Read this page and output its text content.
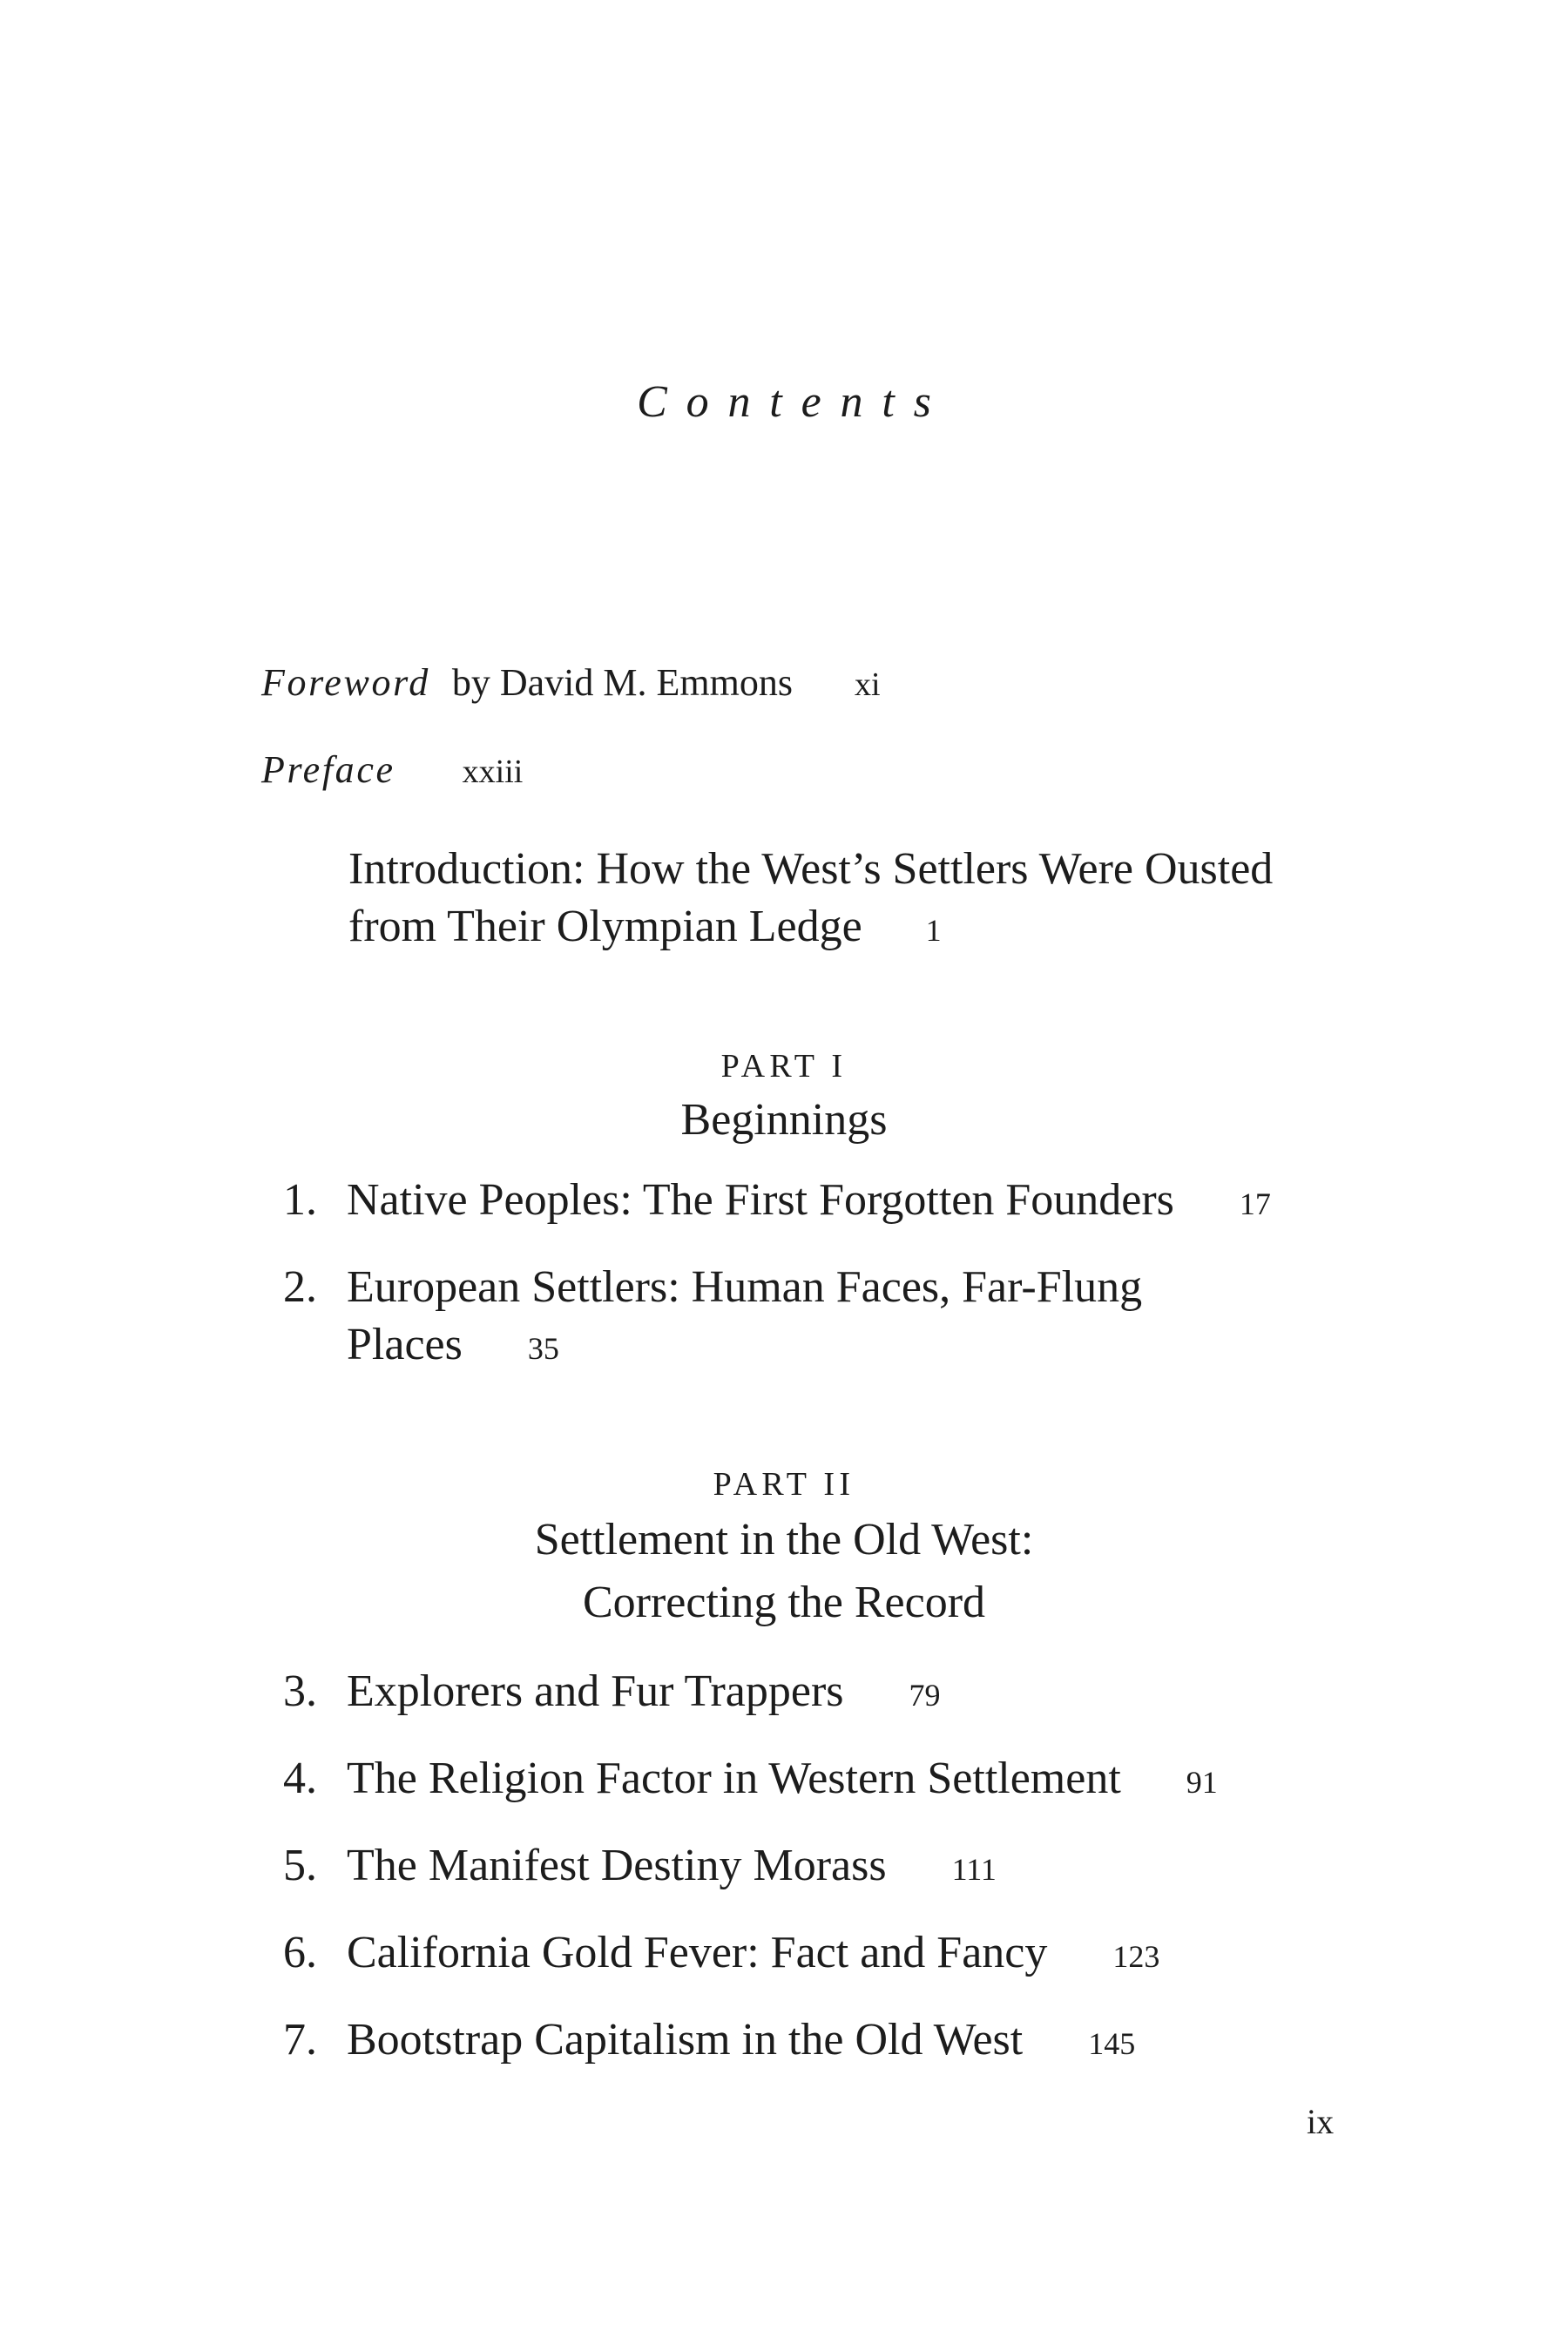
Contents
Foreword by David M. Emmons xi
Preface xxiii
Introduction: How the West’s Settlers Were Ousted
from Their Olympian Ledge 1
PART I
Beginnings
1. Native Peoples: The First Forgotten Founders 17
2. European Settlers: Human Faces, Far-Flung
Places 35
PART II
Settlement in the Old West:
Correcting the Record
3. Explorers and Fur Trappers 79
4. The Religion Factor in Western Settlement 91
5. The Manifest Destiny Morass 111
6. California Gold Fever: Fact and Fancy 123
7. Bootstrap Capitalism in the Old West 145
ix
